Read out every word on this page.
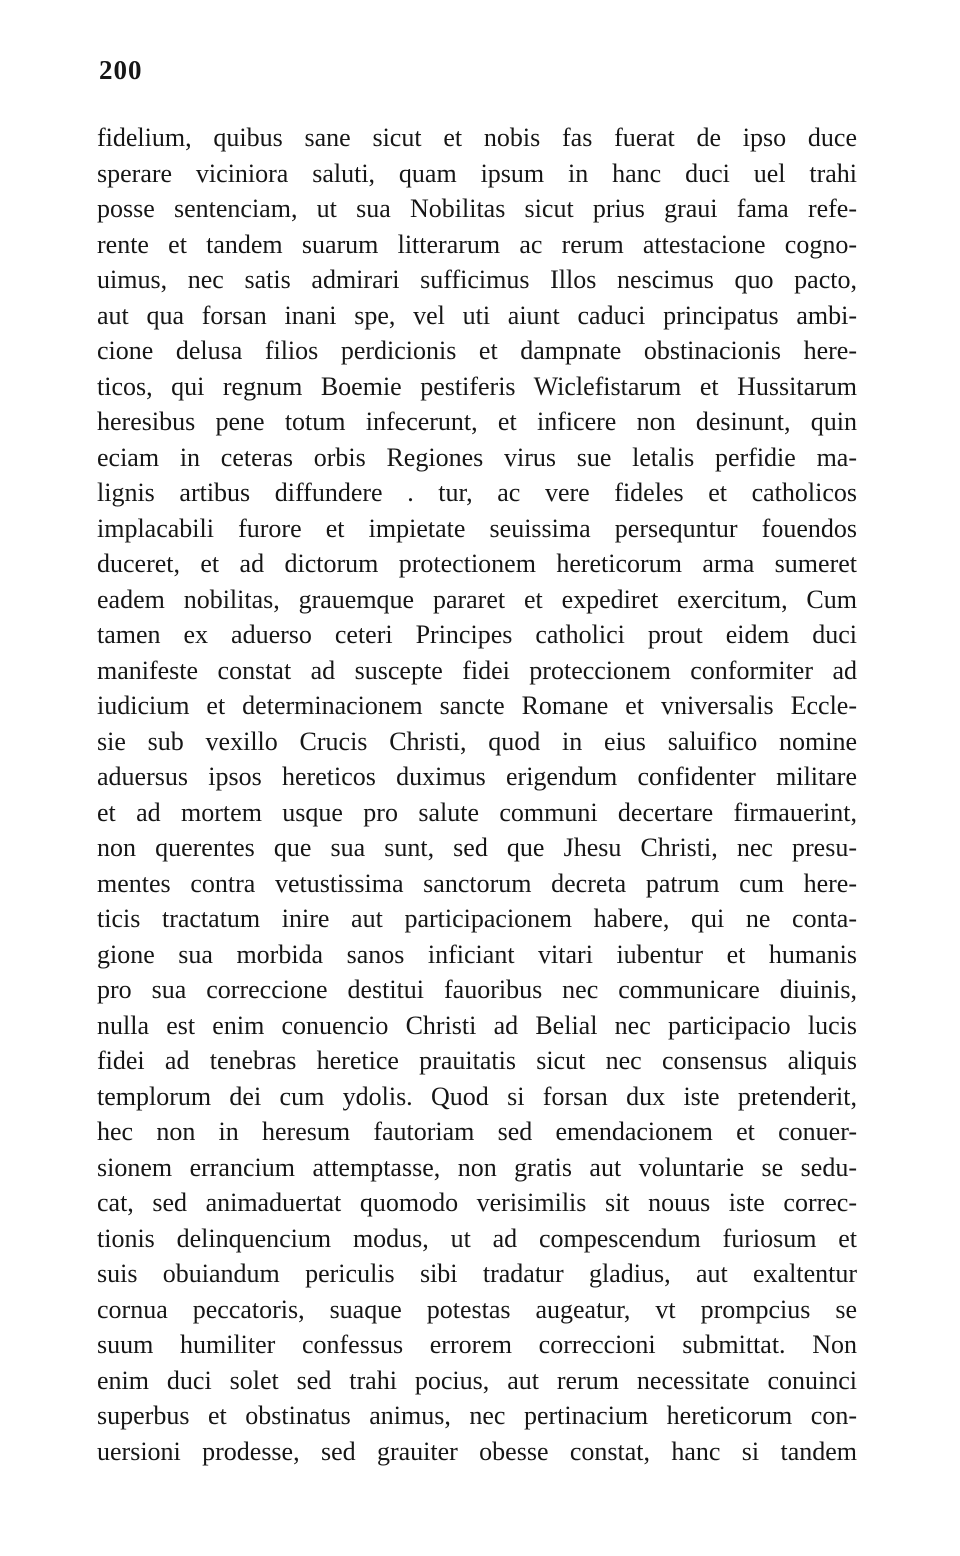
200
fidelium, quibus sane sicut et nobis fas fuerat de ipso duce
sperare viciniora saluti, quam ipsum in hanc duci uel trahi
posse sentenciam, ut sua Nobilitas sicut prius graui fama refe-
rente et tandem suarum litterarum ac rerum attestacione cogno-
uimus, nec satis admirari sufficimus Illos nescimus quo pacto,
aut qua forsan inani spe, vel uti aiunt caduci principatus ambi-
cione delusa filios perdicionis et dampnate obstinacionis here-
ticos, qui regnum Boemie pestiferis Wiclefistarum et Hussitarum
heresibus pene totum infecerunt, et inficere non desinunt, quin
eciam in ceteras orbis Regiones virus sue letalis perfidie ma-
lignis artibus diffundere . tur, ac vere fideles et catholicos
implacabili furore et impietate seuissima persequntur fouendos
duceret, et ad dictorum protectionem hereticorum arma sumeret
eadem nobilitas, grauemque pararet et expediret exercitum, Cum
tamen ex aduerso ceteri Principes catholici prout eidem duci
manifeste constat ad suscepte fidei proteccionem conformiter ad
iudicium et determinacionem sancte Romane et vniversalis Eccle-
sie sub vexillo Crucis Christi, quod in eius saluifico nomine
aduersus ipsos hereticos duximus erigendum confidenter militare
et ad mortem usque pro salute communi decertare firmauerint,
non querentes que sua sunt, sed que Jhesu Christi, nec presu-
mentes contra vetustissima sanctorum decreta patrum cum here-
ticis tractatum inire aut participacionem habere, qui ne conta-
gione sua morbida sanos inficiant vitari iubentur et humanis
pro sua correccione destitui fauoribus nec communicare diuinis,
nulla est enim conuencio Christi ad Belial nec participacio lucis
fidei ad tenebras heretice prauitatis sicut nec consensus aliquis
templorum dei cum ydolis. Quod si forsan dux iste pretenderit,
hec non in heresum fautoriam sed emendacionem et conuer-
sionem errancium attemptasse, non gratis aut voluntarie se sedu-
cat, sed animaduertat quomodo verisimilis sit nouus iste correc-
tionis delinquencium modus, ut ad compescendum furiosum et
suis obuiandum periculis sibi tradatur gladius, aut exaltentur
cornua peccatoris, suaque potestas augeatur, vt prompcius se
suum humiliter confessus errorem correccioni submittat. Non
enim duci solet sed trahi pocius, aut rerum necessitate conuinci
superbus et obstinatus animus, nec pertinacium hereticorum con-
uersioni prodesse, sed grauiter obesse constat, hanc si tandem
